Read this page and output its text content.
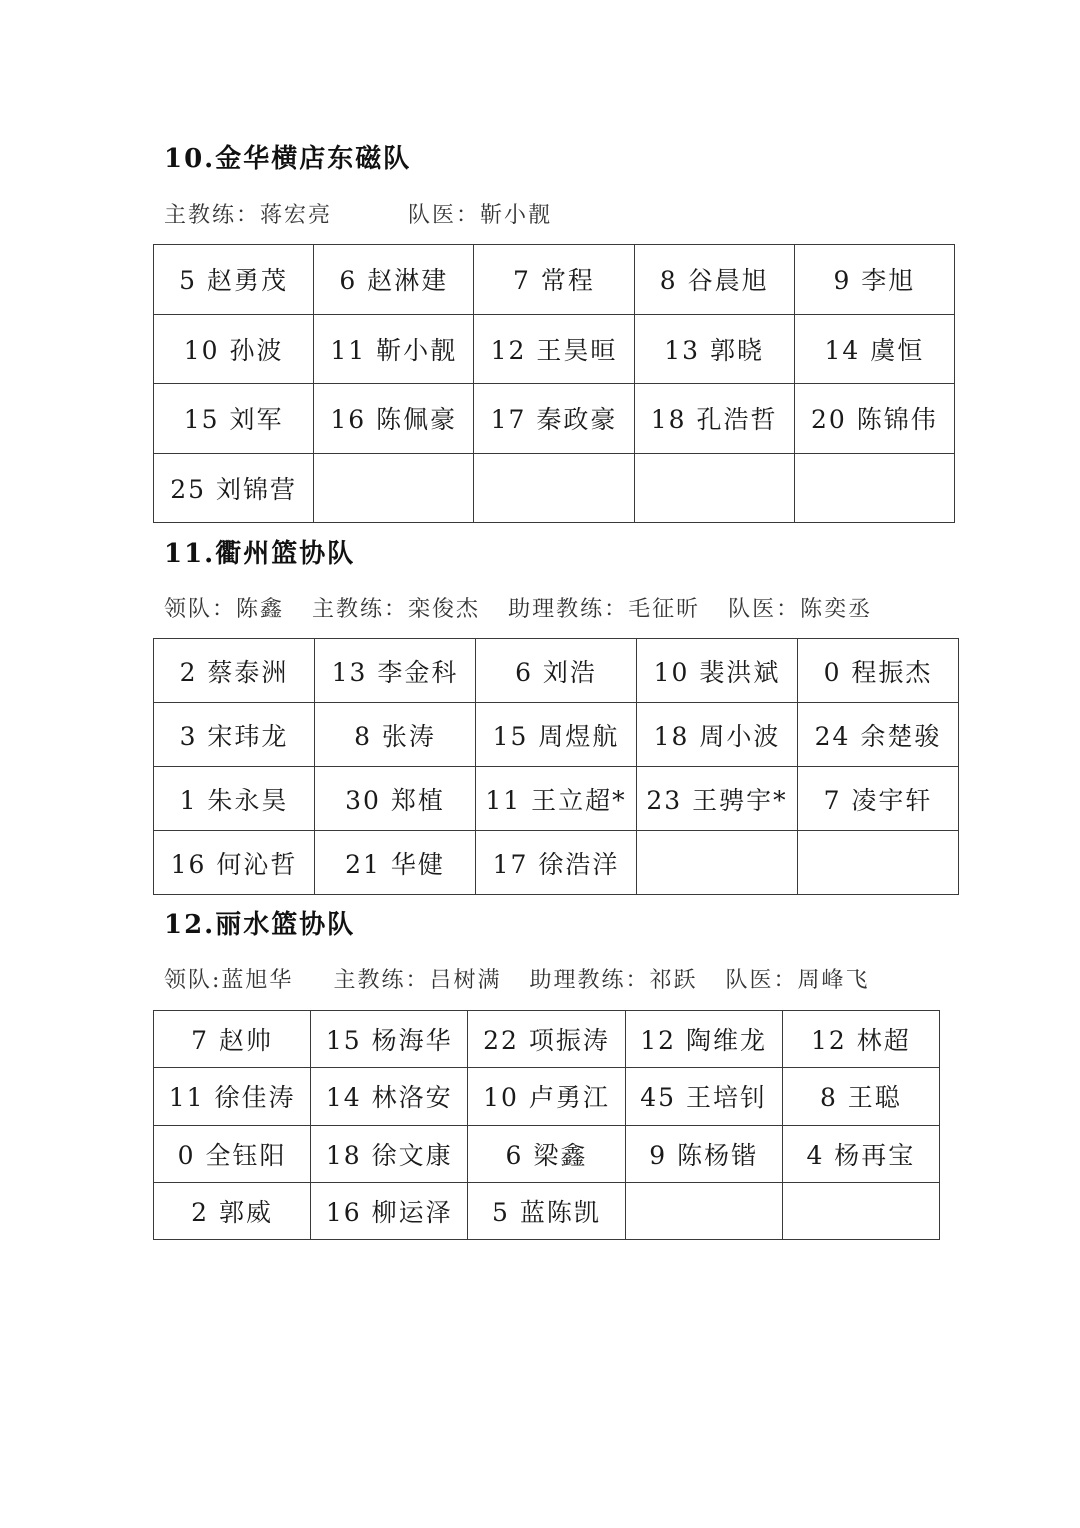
10.金华横店东磁队
主教练：蒋宏亮	队医：靳小靓
5 赵勇茂	6 赵淋建	7 常程	8 谷晨旭	9 李旭
10 孙波	11 靳小靓	12 王昊晅	13 郭晓	14 虞恒
15 刘军	16 陈佩豪	17 秦政豪	18 孔浩哲	20 陈锦伟
25 刘锦营				
11.衢州篮协队
领队：陈鑫 主教练：栾俊杰 助理教练：毛征昕 队医：陈奕丞
2 蔡泰洲	13 李金科	6 刘浩	10 裴洪斌	0 程振杰
3 宋玮龙	8 张涛	15 周煜航	18 周小波	24 余楚骏
1 朱永昊	30 郑植	11 王立超*	23 王骋宇*	7 凌宇轩
16 何沁哲	21 华健	17 徐浩洋		
12.丽水篮协队
领队:蓝旭华 主教练：吕树满 助理教练：祁跃 队医：周峰飞
7 赵帅	15 杨海华	22 项振涛	12 陶维龙	12 林超
11 徐佳涛	14 林洛安	10 卢勇江	45 王培钊	8 王聪
0 全钰阳	18 徐文康	6 梁鑫	9 陈杨锴	4 杨再宝
2 郭威	16 柳运泽	5 蓝陈凯		
